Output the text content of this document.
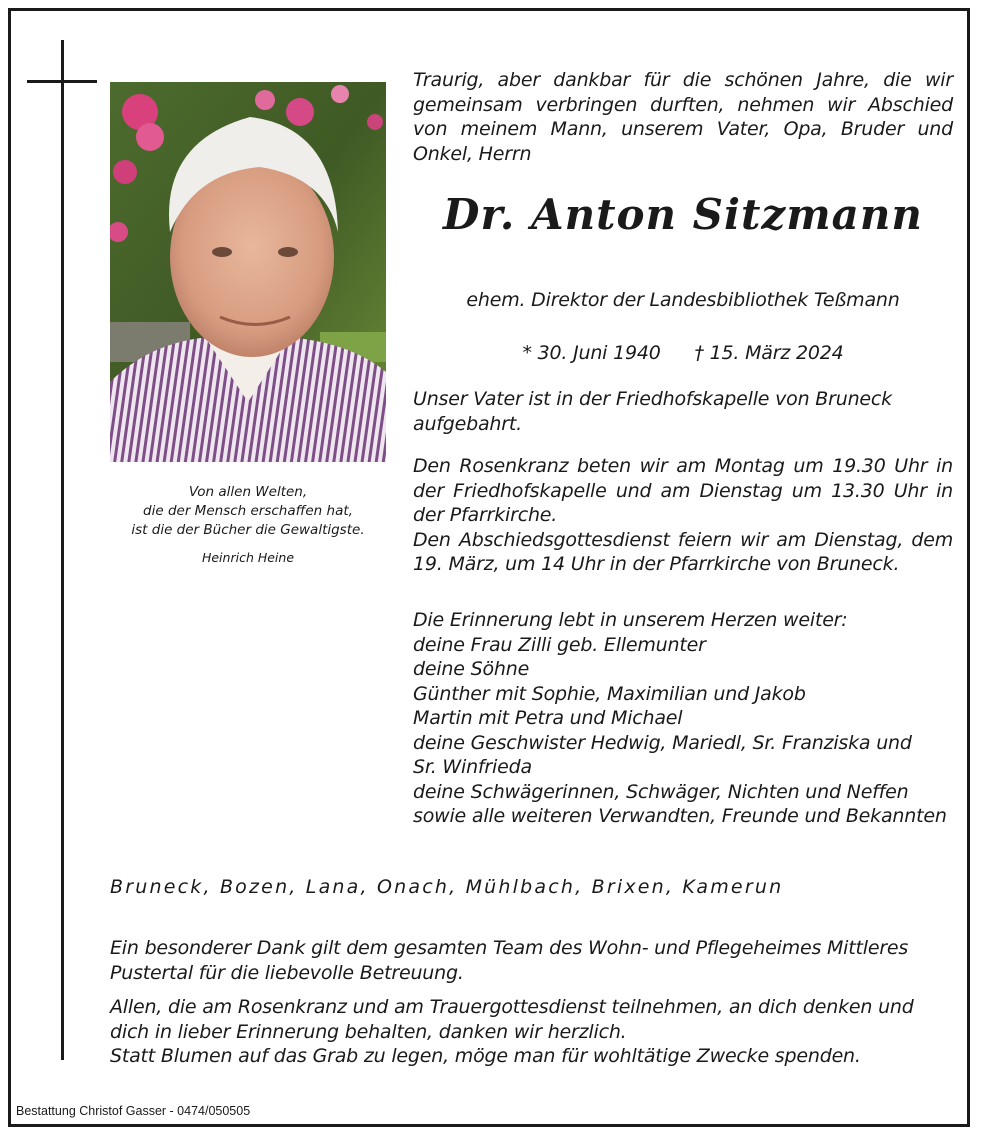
Von allen Welten,
die der Mensch erschaffen hat,
ist die der Bücher die Gewaltigste.
Heinrich Heine
Traurig, aber dankbar für die schönen Jahre, die wir gemeinsam verbringen durften, nehmen wir Abschied von meinem Mann, unserem Vater, Opa, Bruder und Onkel, Herrn
Dr. Anton Sitzmann
ehem. Direktor der Landesbibliothek Teßmann
* 30. Juni 1940 † 15. März 2024
Unser Vater ist in der Friedhofskapelle von Bruneck aufgebahrt.
Den Rosenkranz beten wir am Montag um 19.30 Uhr in der Friedhofskapelle und am Dienstag um 13.30 Uhr in der Pfarrkirche.
Den Abschiedsgottesdienst feiern wir am Dienstag, dem 19. März, um 14 Uhr in der Pfarrkirche von Bruneck.
Die Erinnerung lebt in unserem Herzen weiter:
deine Frau Zilli geb. Ellemunter
deine Söhne
Günther mit Sophie, Maximilian und Jakob
Martin mit Petra und Michael
deine Geschwister Hedwig, Mariedl, Sr. Franziska und
Sr. Winfrieda
deine Schwägerinnen, Schwäger, Nichten und Neffen
sowie alle weiteren Verwandten, Freunde und Bekannten
Bruneck, Bozen, Lana, Onach, Mühlbach, Brixen, Kamerun
Ein besonderer Dank gilt dem gesamten Team des Wohn- und Pflegeheimes Mittleres Pustertal für die liebevolle Betreuung.
Allen, die am Rosenkranz und am Trauergottesdienst teilnehmen, an dich denken und dich in lieber Erinnerung behalten, danken wir herzlich.
Statt Blumen auf das Grab zu legen, möge man für wohltätige Zwecke spenden.
Bestattung Christof Gasser - 0474/050505
